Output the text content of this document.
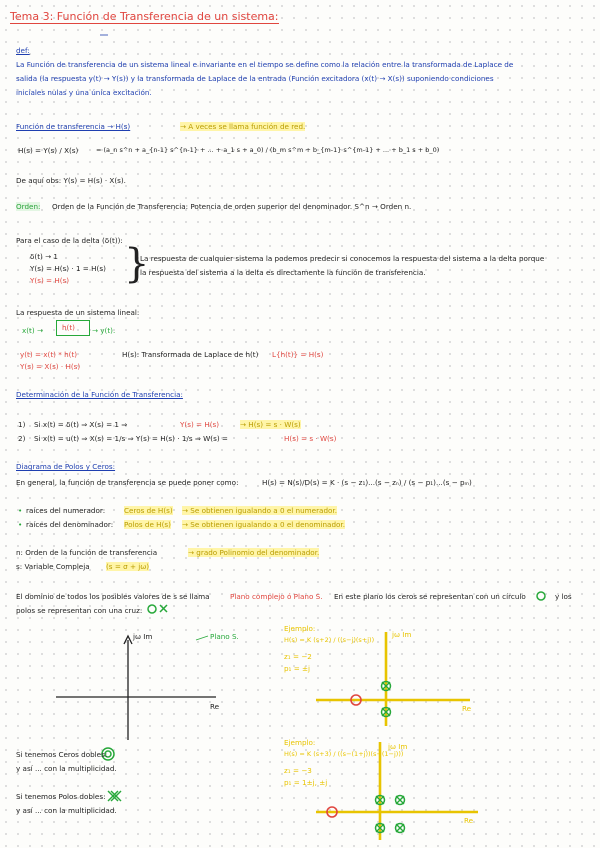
Tema 3: Función de Transferencia de un sistema:
def:
La Función de transferencia de un sistema lineal e invariante en el tiempo se define como la relación entre la transformada de Laplace de
salida (la respuesta y(t) → Y(s)) y la transformada de Laplace de la entrada (Función excitadora (x(t) → X(s)) suponiendo condiciones
iniciales nulas y una única excitación.
Función de transferencia → H(s)	→ A veces se llama función de red.
H(s) = Y(s) / X(s)	= (a_n s^n + a_{n-1} s^{n-1} + ... + a_1 s + a_0) / (b_m s^m + b_{m-1} s^{m-1} + ... + b_1 s + b_0)
De aquí obs: Y(s) = H(s) · X(s).
Orden: Orden de la Función de Transferencia: Potencia de orden superior del denominador. S^n → Orden n.
Para el caso de la delta (δ(t)):
δ(t) → 1
Y(s) = H(s) · 1 = H(s)
Y(s) = H(s) }
La respuesta de cualquier sistema la podemos predecir si conocemos la respuesta del sistema a la delta porque
la respuesta del sistema a la delta es directamente la función de transferencia.
La respuesta de un sistema lineal:
x(t) →	h(t) → y(t).
y(t) = x(t) * h(t)
Y(s) = X(s) · H(s)
H(s): Transformada de Laplace de h(t) L{h(t)} = H(s)
Determinación de la Función de Transferencia:
1) Si x(t) = δ(t) ⇒ X(s) = 1 ⇒	Y(s) = H(s)	→ H(s) = s · W(s)
2) Si x(t) = u(t) ⇒ X(s) = 1/s ⇒ Y(s) = H(s) · 1/s ⇒ W(s) =	H(s) = s · W(s)
Diagrama de Polos y Ceros:
En general, la función de transferencia se puede poner como:	H(s) = N(s)/D(s) = K · (s − z₁)...(s − zₙ) / (s − p₁)...(s − pₘ)
• raíces del numerador:	Ceros de H(s) → Se obtienen igualando a 0 el numerador.
• raíces del denominador: Polos de H(s) → Se obtienen igualando a 0 el denominador.
n: Orden de la función de transferencia	→ grado Polinomio del denominador.
s: Variable Compleja (s = σ + jω)
El dominio de todos los posibles valores de s se llama	Plano complejo ó Plano S. En este plano los ceros se representan con un círculo	y los
polos se representan con una cruz:
jω Im
Re
Plano S.
Ejemplo:
H(s) = K (s+2) / ((s−j)(s+j))
z₁ = −2
p₁ = ±j
jω Im
Re
Ejemplo:
H(s) = K (s+3) / ((s−(1+j))(s−(1−j)))
z₁ = −3
p₁ = 1±j, ±j
jω Im
Re
Si tenemos Ceros dobles:
y así ... con la multiplicidad.
Si tenemos Polos dobles:
y así ... con la multiplicidad.
